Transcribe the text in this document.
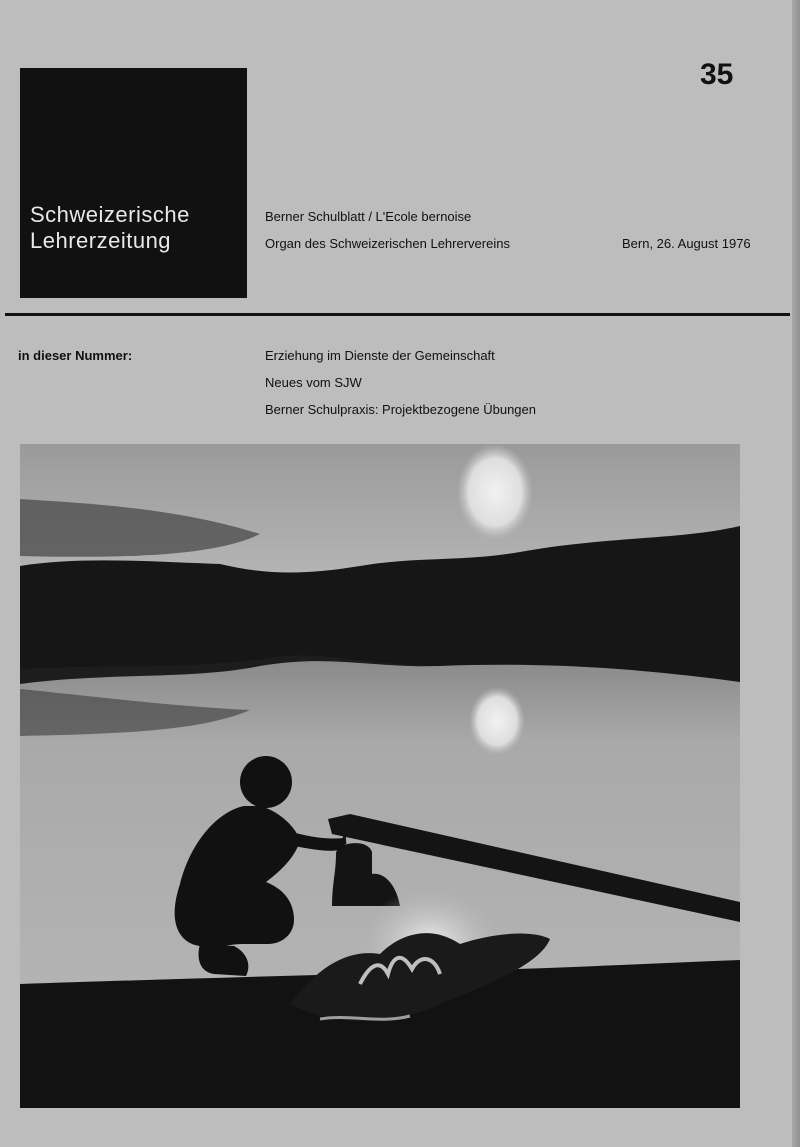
35
Schweizerische
Lehrerzeitung
Berner Schulblatt / L'Ecole bernoise
Organ des Schweizerischen Lehrervereins	Bern, 26. August 1976
in dieser Nummer:	Erziehung im Dienste der Gemeinschaft
Neues vom SJW
Berner Schulpraxis: Projektbezogene Übungen
